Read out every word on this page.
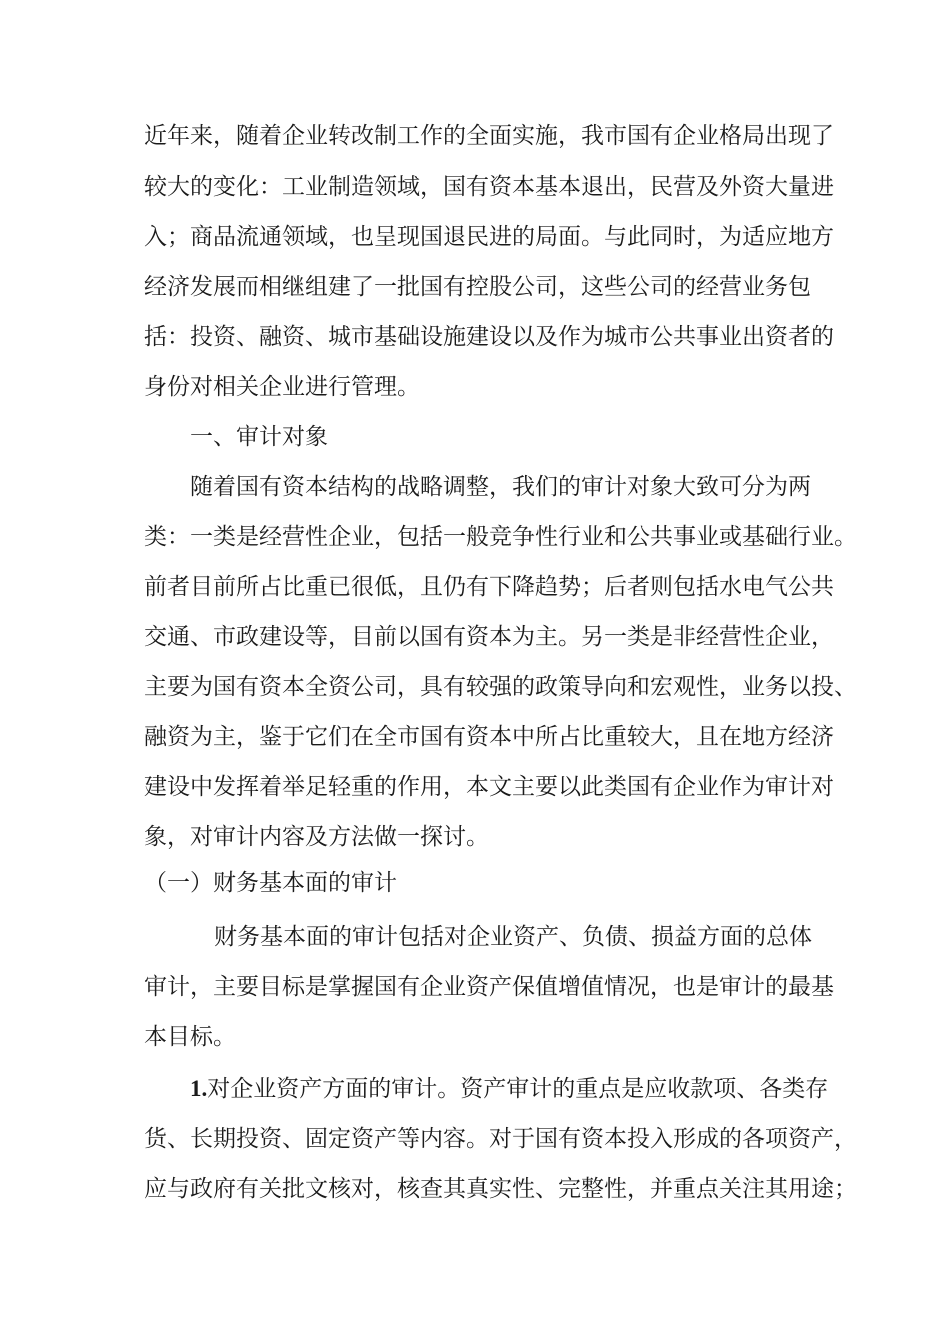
近年来，随着企业转改制工作的全面实施，我市国有企业格局出现了
较大的变化：工业制造领域，国有资本基本退出，民营及外资大量进
入；商品流通领域，也呈现国退民进的局面。与此同时，为适应地方
经济发展而相继组建了一批国有控股公司，这些公司的经营业务包
括：投资、融资、城市基础设施建设以及作为城市公共事业出资者的
身份对相关企业进行管理。
一、审计对象
随着国有资本结构的战略调整，我们的审计对象大致可分为两
类：一类是经营性企业，包括一般竞争性行业和公共事业或基础行业。
前者目前所占比重已很低，且仍有下降趋势；后者则包括水电气公共
交通、市政建设等，目前以国有资本为主。另一类是非经营性企业，
主要为国有资本全资公司，具有较强的政策导向和宏观性，业务以投、
融资为主，鉴于它们在全市国有资本中所占比重较大，且在地方经济
建设中发挥着举足轻重的作用，本文主要以此类国有企业作为审计对
象，对审计内容及方法做一探讨。
（一）财务基本面的审计
财务基本面的审计包括对企业资产、负债、损益方面的总体
审计，主要目标是掌握国有企业资产保值增值情况，也是审计的最基
本目标。
1.对企业资产方面的审计。资产审计的重点是应收款项、各类存
货、长期投资、固定资产等内容。对于国有资本投入形成的各项资产，
应与政府有关批文核对，核查其真实性、完整性，并重点关注其用途；
